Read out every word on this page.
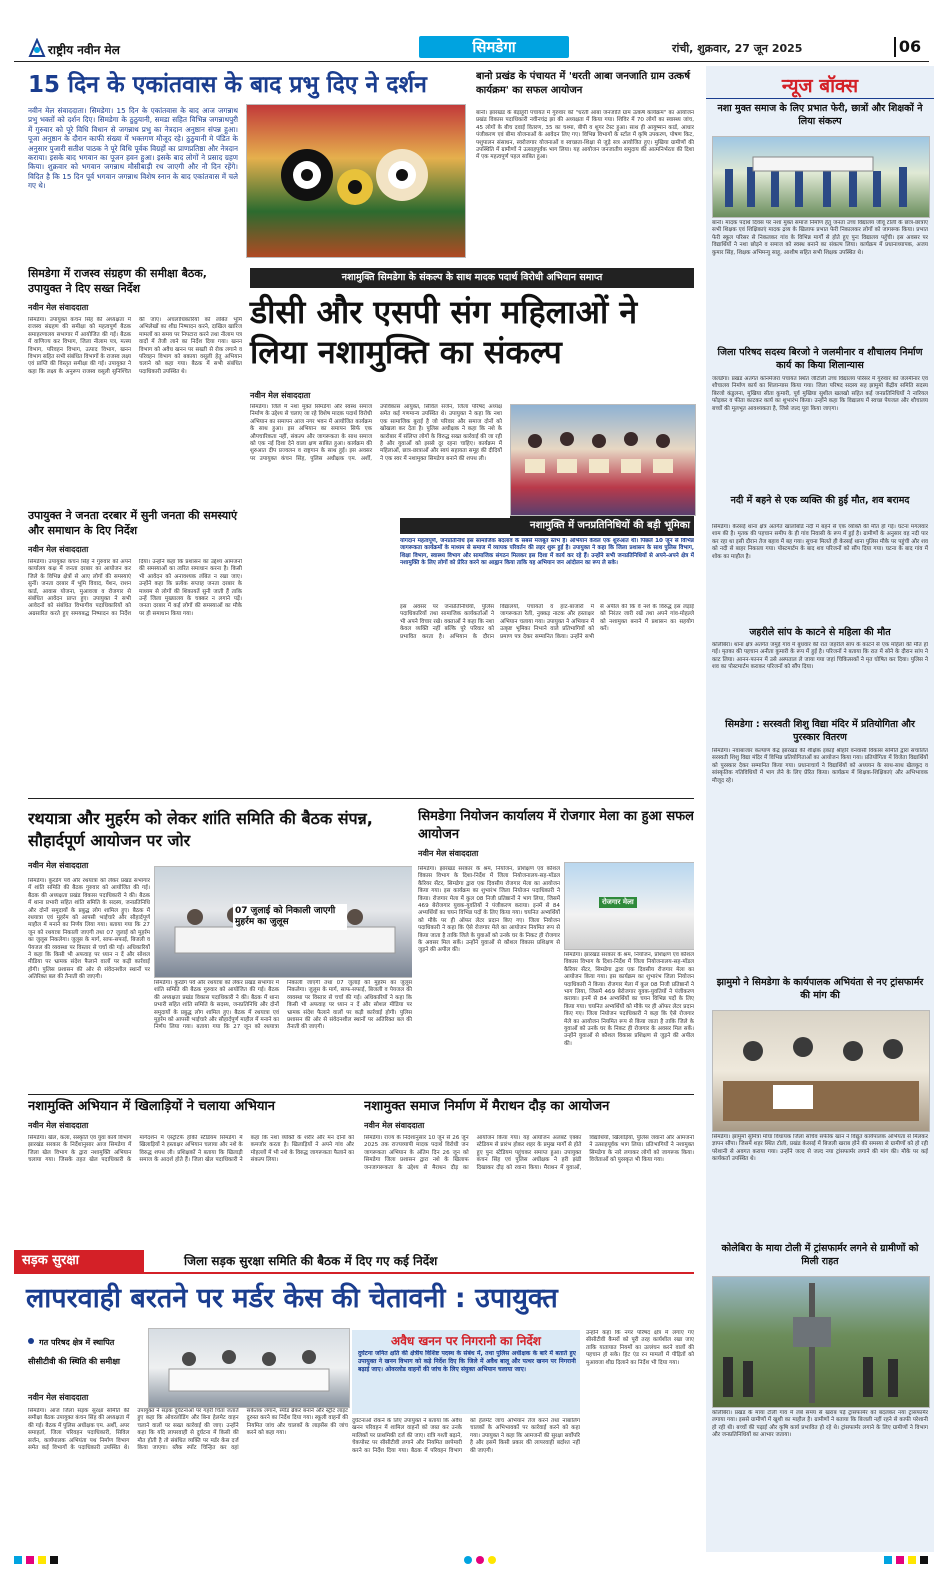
राष्ट्रीय नवीन मेल	सिमडेगा	रांची, शुक्रवार, 27 जून 2025	06
15 दिन के एकांतवास के बाद प्रभु दिए ने दर्शन
नवीन मेल संवाददाता। सिमडेगा। 15 दिन के एकांतवास के बाद आज जगन्नाथ प्रभु भक्तों को दर्शन दिए। सिमडेगा के ठुठुयानी, समडा सहित विभिन्न जगन्नाथपुरी में गुरुवार को पूरे विधि विधान से जगन्नाथ प्रभु का नेत्रदान अनुष्ठान संपन्न हुआ। पूजा अनुष्ठान के दौरान काफी संख्या में भक्तगण मौजूद रहे। ठुठुयानी मे पंडित के अनुसार पुजारी सतीश पाठक ने पूरे विधि पूर्वक विग्रहों का प्राणप्रतिष्ठा और नेत्रदान कराया। इसके बाद भगवान का पूजन हवन हुआ। इसके बाद लोगों ने प्रसाद ग्रहण किया। शुक्रवार को भगवान जगन्नाथ मौसीबाड़ी रथ जाएगी और नौ दिन रहेंगे। विदित है कि 15 दिन पूर्व भगवान जगन्नाथ विशेष स्नान के बाद एकांतवास में चले गए थे।
बानो प्रखंड के पंचायत में 'धरती आबा जनजाति ग्राम उत्कर्ष कार्यक्रम' का सफल आयोजन
बानो। झारखंड के बेड़ाहूरी पंचायत में गुरुवार को "धरती आबा जनजाति ग्राम उत्कर्ष कार्यक्रम" का आयोजन प्रखंड विकास पदाधिकारी नवीनचंद्र झा की अध्यक्षता में किया गया। शिविर में 70 लोगों का स्वास्थ्य जांच, 45 लोगों के बीच दवाई वितरण, 35 का चश्मा, बीपी व शुगर टेस्ट हुआ। साथ ही आयुष्मान कार्ड, आधार पंजीकरण एवं बीमा योजनाओं के आवेदन लिए गए। विभिन्न विभागों के स्टॉल में कृषि उपकरण, पोषण किट, पशुपालन संसाधन, स्वरोजगार योजनाओं व स्वच्छता-शिक्षा से जुड़े सत्र आयोजित हुए। मुखिया ग्रामीणों की उपस्थिति में ग्रामीणों ने उत्साहपूर्वक भाग लिया। यह आयोजन जनजातीय समुदाय की आत्मनिर्भरता की दिशा में एक महत्वपूर्ण पहल साबित हुआ।
न्यूज बॉक्स
नशा मुक्त समाज के लिए प्रभात फेरी, छात्रों और शिक्षकों ने लिया संकल्प
बानो। मादक पदार्थ दिवस पर नशा मुक्त समाज निर्माण हेतु जनता उच्च विद्यालय जीवू टोली के छात्र-छात्राएं सभी शिक्षक एवं शिक्षिकाएं मादक द्रव्य के खिलाफ प्रभात फेरी निकालकर लोगों को जागरूक किया। प्रभात फेरी स्कूल परिसर से निकलकर गांव के विभिन्न मार्गों से होते हुए पुनः विद्यालय पहुँची। इस अवसर पर विद्यार्थियों ने नशा छोड़ने व समाज को स्वस्थ बनाने का संकल्प लिया। कार्यक्रम में प्रधानाध्यापक, अजय कुमार सिंह, शिक्षक अभिमन्यु साहू, आशीष सहित सभी शिक्षक उपस्थित थे।
जिला परिषद सदस्य बिरजो ने जलमीनार व शौचालय निर्माण कार्य का किया शिलान्यास
जलडेगा। प्रखंड अंतर्गत कोनमेंजरा पंचायत स्थित जीटोली उच्च विद्यालय परिसर में गुरुवार को जलमीनार एवं शौचालय निर्माण कार्य का शिलान्यास किया गया। जिला परिषद सदस्य सह झामुमो केंद्रीय समिति सदस्य बिरजो कंडुलना, मुखिया सीता कुमारी, पूर्व मुखिया सुशील खलखो सहित कई जनप्रतिनिधियों ने नारियल फोड़कर व फीता काटकर कार्य का शुभारंभ किया। उन्होंने कहा कि विद्यालय में स्वच्छ पेयजल और शौचालय बच्चों की मूलभूत आवश्यकता है, जिसे जल्द पूरा किया जाएगा।
नदी में बहने से एक व्यक्ति की हुई मौत, शव बरामद
सिमडेगा। केरसई थाना क्षेत्र अंतर्गत खालोबोडे नदी में बहने से एक व्यक्ति की मौत हो गई। घटना मंगलवार शाम की है। मृतक की पहचान समीप के ही गांव निवासी के रूप में हुई है। ग्रामीणों के अनुसार वह नदी पार कर रहा था इसी दौरान तेज बहाव में बह गया। सूचना मिलते ही केरसई थाना पुलिस मौके पर पहुंची और शव को नदी से बाहर निकाला गया। पोस्टमार्टम के बाद शव परिजनों को सौंप दिया गया। घटना के बाद गांव में शोक का माहौल है।
जहरीले सांप के काटने से महिला की मौत
कोलेबिरा। थाना क्षेत्र अंतर्गत जमुई गांव में बुधवार की रात जहरीले सांप के काटने से एक महिला की मौत हो गई। मृतका की पहचान अनीता कुमारी के रूप में हुई है। परिजनों ने बताया कि रात में सोने के दौरान सांप ने काट लिया। आनन-फानन में उसे अस्पताल ले जाया गया जहां चिकित्सकों ने मृत घोषित कर दिया। पुलिस ने शव का पोस्टमार्टम कराकर परिजनों को सौंप दिया।
सिमडेगा : सरस्वती शिशु विद्या मंदिर में प्रतियोगिता और पुरस्कार वितरण
सिमडेगा। नवाबाजार कल्याण केंद्र झारखंड की शैक्षिक इकाई श्रीहरि वनवासी विकास समिति द्वारा संचालित सरस्वती शिशु विद्या मंदिर में विभिन्न प्रतियोगिताओं का आयोजन किया गया। प्रतियोगिता में विजेता विद्यार्थियों को पुरस्कार देकर सम्मानित किया गया। प्रधानाचार्य ने विद्यार्थियों को अध्ययन के साथ-साथ खेलकूद व सांस्कृतिक गतिविधियों में भाग लेने के लिए प्रेरित किया। कार्यक्रम में शिक्षक-शिक्षिकाएं और अभिभावक मौजूद रहे।
झामुमो ने सिमडेगा के कार्यपालक अभियंता से नए ट्रांसफार्मर की मांग की
सिमडेगा। झामुमो सुमित्रा मोघा विधायक जिला सचिव सफीक खान ने विद्युत कार्यपालक अभियंता से मिलकर ज्ञापन सौंपा। जिसमें शहर स्थित टोली, प्रखंड केरसई में बिजली खराब होने की समस्या से ग्रामीणों को हो रही परेशानी से अवगत कराया गया। उन्होंने जल्द से जल्द नया ट्रांसफार्मर लगाने की मांग की। मौके पर कई कार्यकर्ता उपस्थित थे।
कोलेबिरा के माया टोली में ट्रांसफार्मर लगने से ग्रामीणों को मिली राहत
कोलेबिरा। प्रखंड के माया टोली गांव में लंबे समय से खराब पड़े ट्रांसफार्मर को बदलकर नया ट्रांसफार्मर लगाया गया। इससे ग्रामीणों में खुशी का माहौल है। ग्रामीणों ने बताया कि बिजली नहीं रहने से काफी परेशानी हो रही थी। बच्चों की पढ़ाई और कृषि कार्य प्रभावित हो रहे थे। ट्रांसफार्मर लगाने के लिए ग्रामीणों ने विभाग और जनप्रतिनिधियों का आभार जताया।
सिमडेगा में राजस्व संग्रहण की समीक्षा बैठक, उपायुक्त ने दिए सख्त निर्देश
नवीन मेल संवाददाता
सिमडेगा। उपायुक्त कंचन सिंह की अध्यक्षता में राजस्व संग्रहण की समीक्षा को महत्वपूर्ण बैठक समाहरणालय सभागार में आयोजित की गई। बैठक में वाणिज्य कर विभाग, जिला नीलाम पत्र, मत्स्य विभाग, परिवहन विभाग, उत्पाद विभाग, खनन विभाग सहित सभी संबंधित विभागों के राजस्व लक्ष्य एवं प्राप्ति की विस्तृत समीक्षा की गई। उपायुक्त ने कहा कि लक्ष्य के अनुरूप राजस्व वसूली सुनिश्चित की जाए। अंचलाधिकारियों को लंबित भूमि अभिलेखों का शीघ्र निष्पादन करने, दाखिल खारिज मामलों का समय पर निपटारा करने तथा नीलाम पत्र वादों में तेजी लाने का निर्देश दिया गया। खनन विभाग को अवैध खनन पर सख्ती से रोक लगाने व परिवहन विभाग को बकाया वसूली हेतु अभियान चलाने को कहा गया। बैठक में सभी संबंधित पदाधिकारी उपस्थित थे।
उपायुक्त ने जनता दरबार में सुनी जनता की समस्याएं और समाधान के दिए निर्देश
नवीन मेल संवाददाता
सिमडेगा। उपायुक्त कंचन सिंह ने गुरुवार को अपने कार्यालय कक्ष में जनता दरबार का आयोजन कर जिले के विभिन्न क्षेत्रों से आए लोगों की समस्याएं सुनीं। जनता दरबार में भूमि विवाद, पेंशन, राशन कार्ड, आवास योजना, मुआवजा व रोजगार से संबंधित आवेदन प्राप्त हुए। उपायुक्त ने सभी आवेदनों को संबंधित विभागीय पदाधिकारियों को अग्रसारित करते हुए समयबद्ध निष्पादन का निर्देश दिया। उन्होंने कहा कि प्रशासन का उद्देश्य आमजनों की समस्याओं का त्वरित समाधान करना है। किसी भी आवेदन को अनावश्यक लंबित न रखा जाए। उन्होंने कहा कि प्रत्येक सप्ताह जनता दरबार के माध्यम से लोगों की शिकायतें सुनी जाती हैं ताकि उन्हें जिला मुख्यालय के चक्कर न लगाने पड़ें। जनता दरबार में कई लोगों की समस्याओं का मौके पर ही समाधान किया गया।
नशामुक्ति सिमडेगा के संकल्प के साथ मादक पदार्थ विरोधी अभियान समाप्त
डीसी और एसपी संग महिलाओं ने लिया नशामुक्ति का संकल्प
नवीन मेल संवाददाता
सिमडेगा। जिले में नशा मुक्त सिमडेगा और स्वस्थ समाज निर्माण के उद्देश्य से चलाए जा रहे विशेष मादक पदार्थ विरोधी अभियान का समापन आज नगर भवन में आयोजित कार्यक्रम के साथ हुआ। इस अभियान का समापन सिर्फ एक औपचारिकता नहीं, संकल्प और जागरूकता के साथ समाज को एक नई दिशा देने वाला क्षण साबित हुआ। कार्यक्रम की शुरुआत दीप प्रज्वलन व राष्ट्रगान के साथ हुई। इस अवसर पर उपायुक्त कंचन सिंह, पुलिस अधीक्षक एम. अर्शी, उपविकास आयुक्त, सिविल सर्जन, जिला परिषद अध्यक्ष समेत कई गणमान्य उपस्थित थे। उपायुक्त ने कहा कि नशा एक सामाजिक बुराई है जो परिवार और समाज दोनों को खोखला कर देता है। पुलिस अधीक्षक ने कहा कि नशे के कारोबार में संलिप्त लोगों के विरुद्ध सख्त कार्रवाई की जा रही है और युवाओं को इससे दूर रहना चाहिए। कार्यक्रम में महिलाओं, छात्र-छात्राओं और स्वयं सहायता समूह की दीदियों ने एक स्वर में नशामुक्त सिमडेगा बनाने की शपथ ली।
नशामुक्ति में जनप्रतिनिधियों की बड़ी भूमिका
योगदान महत्वपूर्ण, जनप्रतिनिधि इस सामाजिक बदलाव के सबसे मजबूत स्तंभ हैं। अभियान केवल एक शुरुआत थी। पिछले 10 जून से विभिन्न जागरूकता कार्यक्रमों के माध्यम से समाज में व्यापक परिवर्तन की लहर शुरू हुई है। उपायुक्त ने कहा कि जिला प्रशासन के साथ पुलिस विभाग, शिक्षा विभाग, स्वास्थ्य विभाग और सामाजिक संगठन मिलकर इस दिशा में कार्य कर रहे हैं। उन्होंने सभी जनप्रतिनिधियों से अपने-अपने क्षेत्र में नशामुक्ति के लिए लोगों को प्रेरित करने का आह्वान किया ताकि यह अभियान जन आंदोलन का रूप ले सके।
इस अवसर पर जनप्रतिनिधियों, पुलिस पदाधिकारियों तथा सामाजिक कार्यकर्ताओं ने भी अपने विचार रखे। वक्ताओं ने कहा कि नशा केवल व्यक्ति नहीं बल्कि पूरे परिवार को प्रभावित करता है। अभियान के दौरान विद्यालयों, पंचायतों व हाट-बाजारों में जागरूकता रैली, नुक्कड़ नाटक और हस्ताक्षर अभियान चलाया गया। उपायुक्त ने अभियान में उत्कृष्ट भूमिका निभाने वाले प्रतिभागियों को प्रमाण पत्र देकर सम्मानित किया। उन्होंने सभी से अपील की कि वे नशे के विरुद्ध इस लड़ाई को निरंतर जारी रखें तथा अपने गांव-मोहल्ले को नशामुक्त बनाने में प्रशासन का सहयोग करें।
रथयात्रा और मुहर्रम को लेकर शांति समिति की बैठक संपन्न, सौहार्दपूर्ण आयोजन पर जोर
नवीन मेल संवाददाता
सिमडेगा। कुरडेग पर्व और रथयात्रा को लेकर प्रखंड सभागार में शांति समिति की बैठक गुरुवार को आयोजित की गई। बैठक की अध्यक्षता प्रखंड विकास पदाधिकारी ने की। बैठक में थाना प्रभारी सहित शांति समिति के सदस्य, जनप्रतिनिधि और दोनों समुदायों के प्रबुद्ध लोग शामिल हुए। बैठक में रथयात्रा एवं मुहर्रम को आपसी भाईचारे और सौहार्दपूर्ण माहौल में मनाने का निर्णय लिया गया। बताया गया कि 27 जून को रथयात्रा निकाली जाएगी तथा 07 जुलाई को मुहर्रम का जुलूस निकलेगा। जुलूस के मार्ग, साफ-सफाई, बिजली व पेयजल की व्यवस्था पर विस्तार से चर्चा की गई। अधिकारियों ने कहा कि किसी भी अफवाह पर ध्यान न दें और सोशल मीडिया पर भ्रामक संदेश फैलाने वालों पर कड़ी कार्रवाई होगी। पुलिस प्रशासन की ओर से संवेदनशील स्थानों पर अतिरिक्त बल की तैनाती की जाएगी।
07 जुलाई को निकाली जाएगी मुहर्रम का जुलूस
सिमडेगा। कुरडेग पर्व और रथयात्रा को लेकर प्रखंड सभागार में शांति समिति की बैठक गुरुवार को आयोजित की गई। बैठक की अध्यक्षता प्रखंड विकास पदाधिकारी ने की। बैठक में थाना प्रभारी सहित शांति समिति के सदस्य, जनप्रतिनिधि और दोनों समुदायों के प्रबुद्ध लोग शामिल हुए। बैठक में रथयात्रा एवं मुहर्रम को आपसी भाईचारे और सौहार्दपूर्ण माहौल में मनाने का निर्णय लिया गया। बताया गया कि 27 जून को रथयात्रा निकाली जाएगी तथा 07 जुलाई को मुहर्रम का जुलूस निकलेगा। जुलूस के मार्ग, साफ-सफाई, बिजली व पेयजल की व्यवस्था पर विस्तार से चर्चा की गई। अधिकारियों ने कहा कि किसी भी अफवाह पर ध्यान न दें और सोशल मीडिया पर भ्रामक संदेश फैलाने वालों पर कड़ी कार्रवाई होगी। पुलिस प्रशासन की ओर से संवेदनशील स्थानों पर अतिरिक्त बल की तैनाती की जाएगी।
सिमडेगा नियोजन कार्यालय में रोजगार मेला का हुआ सफल आयोजन
नवीन मेल संवाददाता
सिमडेगा। झारखंड सरकार के श्रम, नियोजन, प्रशिक्षण एवं कौशल विकास विभाग के दिशा-निर्देश में जिला नियोजनालय-सह-मॉडल कैरियर सेंटर, सिमडेगा द्वारा एक दिवसीय रोजगार मेला का आयोजन किया गया। इस कार्यक्रम का शुभारंभ जिला नियोजन पदाधिकारी ने किया। रोजगार मेला में कुल 08 निजी प्रतिष्ठानों ने भाग लिया, जिसमें 469 बेरोजगार युवक-युवतियों ने पंजीकरण कराया। इनमें से 84 अभ्यर्थियों का चयन विभिन्न पदों के लिए किया गया। चयनित अभ्यर्थियों को मौके पर ही ऑफर लेटर प्रदान किए गए। जिला नियोजन पदाधिकारी ने कहा कि ऐसे रोजगार मेले का आयोजन नियमित रूप से किया जाता है ताकि जिले के युवाओं को उनके घर के निकट ही रोजगार के अवसर मिल सकें। उन्होंने युवाओं से कौशल विकास प्रशिक्षण से जुड़ने की अपील की।
रोजगार मेला
सिमडेगा। झारखंड सरकार के श्रम, नियोजन, प्रशिक्षण एवं कौशल विकास विभाग के दिशा-निर्देश में जिला नियोजनालय-सह-मॉडल कैरियर सेंटर, सिमडेगा द्वारा एक दिवसीय रोजगार मेला का आयोजन किया गया। इस कार्यक्रम का शुभारंभ जिला नियोजन पदाधिकारी ने किया। रोजगार मेला में कुल 08 निजी प्रतिष्ठानों ने भाग लिया, जिसमें 469 बेरोजगार युवक-युवतियों ने पंजीकरण कराया। इनमें से 84 अभ्यर्थियों का चयन विभिन्न पदों के लिए किया गया। चयनित अभ्यर्थियों को मौके पर ही ऑफर लेटर प्रदान किए गए। जिला नियोजन पदाधिकारी ने कहा कि ऐसे रोजगार मेले का आयोजन नियमित रूप से किया जाता है ताकि जिले के युवाओं को उनके घर के निकट ही रोजगार के अवसर मिल सकें। उन्होंने युवाओं से कौशल विकास प्रशिक्षण से जुड़ने की अपील की।
नशामुक्ति अभियान में खिलाड़ियों ने चलाया अभियान
नवीन मेल संवाददाता
सिमडेगा। खेल, कला, संस्कृति एवं युवा कार्य विभाग झारखंड सरकार के निर्देशानुसार आज सिमडेगा में जिला खेल विभाग के द्वारा नशामुक्ति अभियान चलाया गया। जिसके तहत खेल पदाधिकारी के मार्गदर्शन में एस्ट्रोटर्फ हॉकी स्टेडियम सिमडेगा में खिलाड़ियों ने हस्ताक्षर अभियान चलाया और नशे के विरुद्ध शपथ ली। प्रशिक्षकों ने बताया कि खिलाड़ी समाज के आदर्श होते हैं। जिला खेल पदाधिकारी ने कहा कि नशा व्यक्ति के शरीर और मन दोनों को कमजोर करता है। खिलाड़ियों ने अपने गांव और मोहल्लों में भी नशे के विरुद्ध जागरूकता फैलाने का संकल्प लिया।
नशामुक्त समाज निर्माण में मैराथन दौड़ का आयोजन
नवीन मेल संवाददाता
सिमडेगा। राज्य के निर्देशानुसार 10 जून से 26 जून 2025 तक राज्यव्यापी मादक पदार्थ विरोधी जन जागरूकता अभियान के अंतिम दिन 26 जून को सिमडेगा जिला प्रशासन द्वारा नशे के खिलाफ जनजागरूकता के उद्देश्य से मैराथन दौड़ का आयोजन किया गया। यह आयोजन अलबर्ट एक्का स्टेडियम से प्रारंभ होकर शहर के प्रमुख मार्गों से होते हुए पुनः स्टेडियम पहुंचकर समाप्त हुआ। उपायुक्त कंचन सिंह एवं पुलिस अधीक्षक ने हरी झंडी दिखाकर दौड़ को रवाना किया। मैराथन में युवाओं, विद्यार्थियों, खिलाड़ियों, पुलिस जवानों और आमजनों ने उत्साहपूर्वक भाग लिया। प्रतिभागियों ने नशामुक्त सिमडेगा के नारे लगाकर लोगों को जागरूक किया। विजेताओं को पुरस्कृत भी किया गया।
सड़क सुरक्षा	जिला सड़क सुरक्षा समिति की बैठक में दिए गए कई निर्देश
लापरवाही बरतने पर मर्डर केस की चेतावनी : उपायुक्त
गत परिषद क्षेत्र में स्थापित सीसीटीवी की स्थिति की समीक्षा
नवीन मेल संवाददाता
सिमडेगा। आज जिला सड़क सुरक्षा समिति की समीक्षा बैठक उपायुक्त कंचन सिंह की अध्यक्षता में की गई। बैठक में पुलिस अधीक्षक एम. अर्शी, अपर समाहर्ता, जिला परिवहन पदाधिकारी, सिविल सर्जन, कार्यपालक अभियंता पथ निर्माण विभाग समेत कई विभागों के पदाधिकारी उपस्थित थे। उपायुक्त ने सड़क दुर्घटनाओं पर गहरी चिंता जताते हुए कहा कि ओवरलोडिंग और बिना हेलमेट वाहन चलाने वालों पर सख्त कार्रवाई की जाए। उन्होंने कहा कि यदि लापरवाही से दुर्घटना में किसी की मौत होती है तो संबंधित व्यक्ति पर मर्डर केस दर्ज किया जाएगा। ब्लैक स्पॉट चिन्हित कर वहां संकेतक लगाने, स्पीड ब्रेकर बनाने और स्ट्रीट लाइट दुरुस्त करने का निर्देश दिया गया। स्कूली वाहनों की नियमित जांच और चालकों के लाइसेंस की जांच करने को कहा गया।
अवैध खनन पर निगरानी का निर्देश
दुर्घटना जनित क्षति की क्षेत्रीय विशिष्ट पदस्थ के संबंध में, तथा पुलिस अधीक्षक के बारे में बताते हुए उपायुक्त ने खनन विभाग को कड़े निर्देश दिए कि जिले में अवैध बालू और पत्थर खनन पर निगरानी बढ़ाई जाए। ओवरलोड वाहनों की जांच के लिए संयुक्त अभियान चलाया जाए।
दुर्घटनाओं रोकने के लिए उपायुक्त ने बताया कि अवैध खनन परिवहन में शामिल वाहनों को जब्त कर उनके मालिकों पर प्राथमिकी दर्ज की जाए। रात्रि गश्ती बढ़ाने, चेकपोस्ट पर सीसीटीवी लगाने और नियमित छापेमारी करने का निर्देश दिया गया। बैठक में परिवहन विभाग को हेलमेट जांच अभियान तेज करने तथा नाबालिग चालकों के अभिभावकों पर कार्रवाई करने को कहा गया। उपायुक्त ने कहा कि आमजनों की सुरक्षा सर्वोपरि है और इसमें किसी प्रकार की लापरवाही बर्दाश्त नहीं की जाएगी।
उन्होंने कहा कि नगर परिषद क्षेत्र में लगाए गए सीसीटीवी कैमरों को पूरी तरह कार्यशील रखा जाए ताकि यातायात नियमों का उल्लंघन करने वालों की पहचान हो सके। हिट एंड रन मामलों में पीड़ितों को मुआवजा शीघ्र दिलाने का निर्देश भी दिया गया।
